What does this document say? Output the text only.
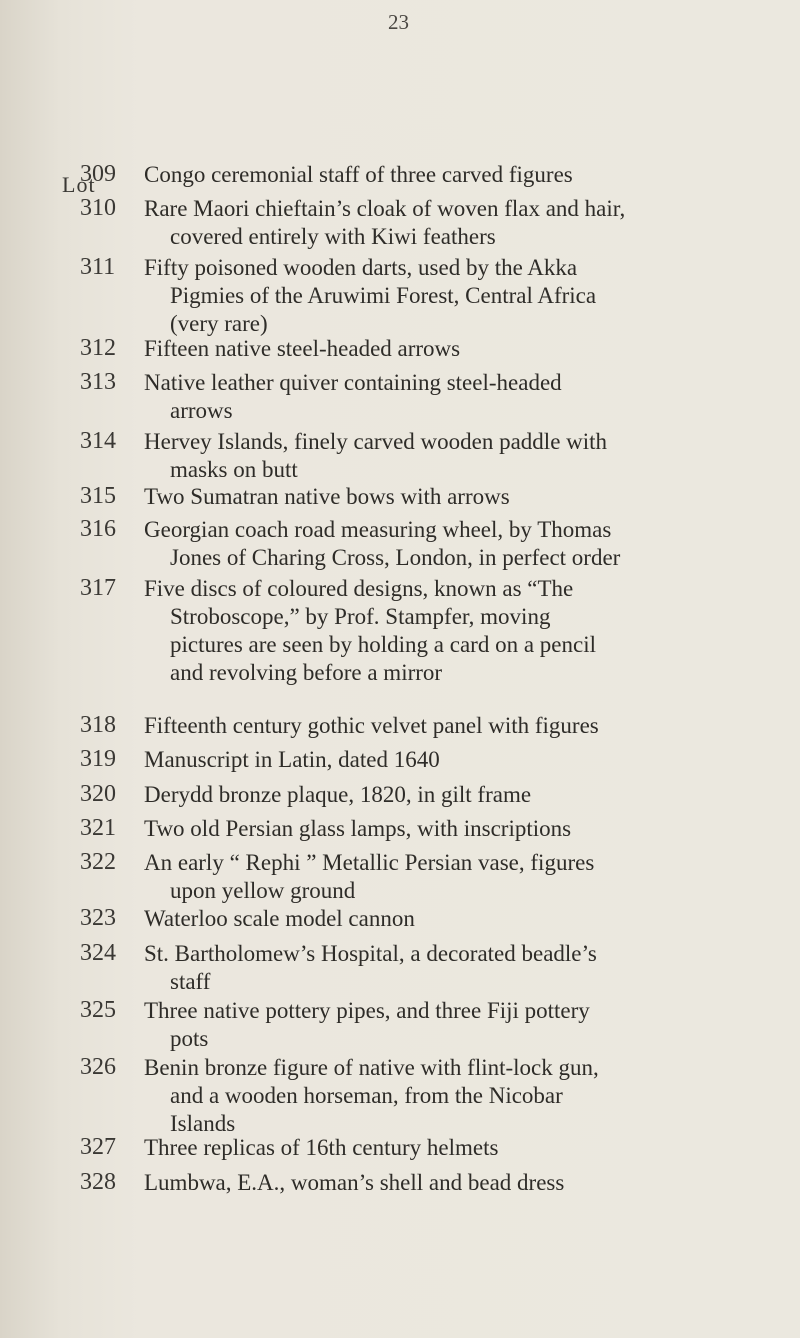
23
Lot
309	Congo ceremonial staff of three carved figures
310	Rare Maori chieftain’s cloak of woven flax and hair,
covered entirely with Kiwi feathers
311	Fifty poisoned wooden darts, used by the Akka
Pigmies of the Aruwimi Forest, Central Africa
(very rare)
312	Fifteen native steel-headed arrows
313	Native leather quiver containing steel-headed
arrows
314	Hervey Islands, finely carved wooden paddle with
masks on butt
315	Two Sumatran native bows with arrows
316	Georgian coach road measuring wheel, by Thomas
Jones of Charing Cross, London, in perfect order
317	Five discs of coloured designs, known as “The
Stroboscope,” by Prof. Stampfer, moving
pictures are seen by holding a card on a pencil
and revolving before a mirror
318	Fifteenth century gothic velvet panel with figures
319	Manuscript in Latin, dated 1640
320	Derydd bronze plaque, 1820, in gilt frame
321	Two old Persian glass lamps, with inscriptions
322	An early “ Rephi ” Metallic Persian vase, figures
upon yellow ground
323	Waterloo scale model cannon
324	St. Bartholomew’s Hospital, a decorated beadle’s
staff
325	Three native pottery pipes, and three Fiji pottery
pots
326	Benin bronze figure of native with flint-lock gun,
and a wooden horseman, from the Nicobar
Islands
327	Three replicas of 16th century helmets
328	Lumbwa, E.A., woman’s shell and bead dress
